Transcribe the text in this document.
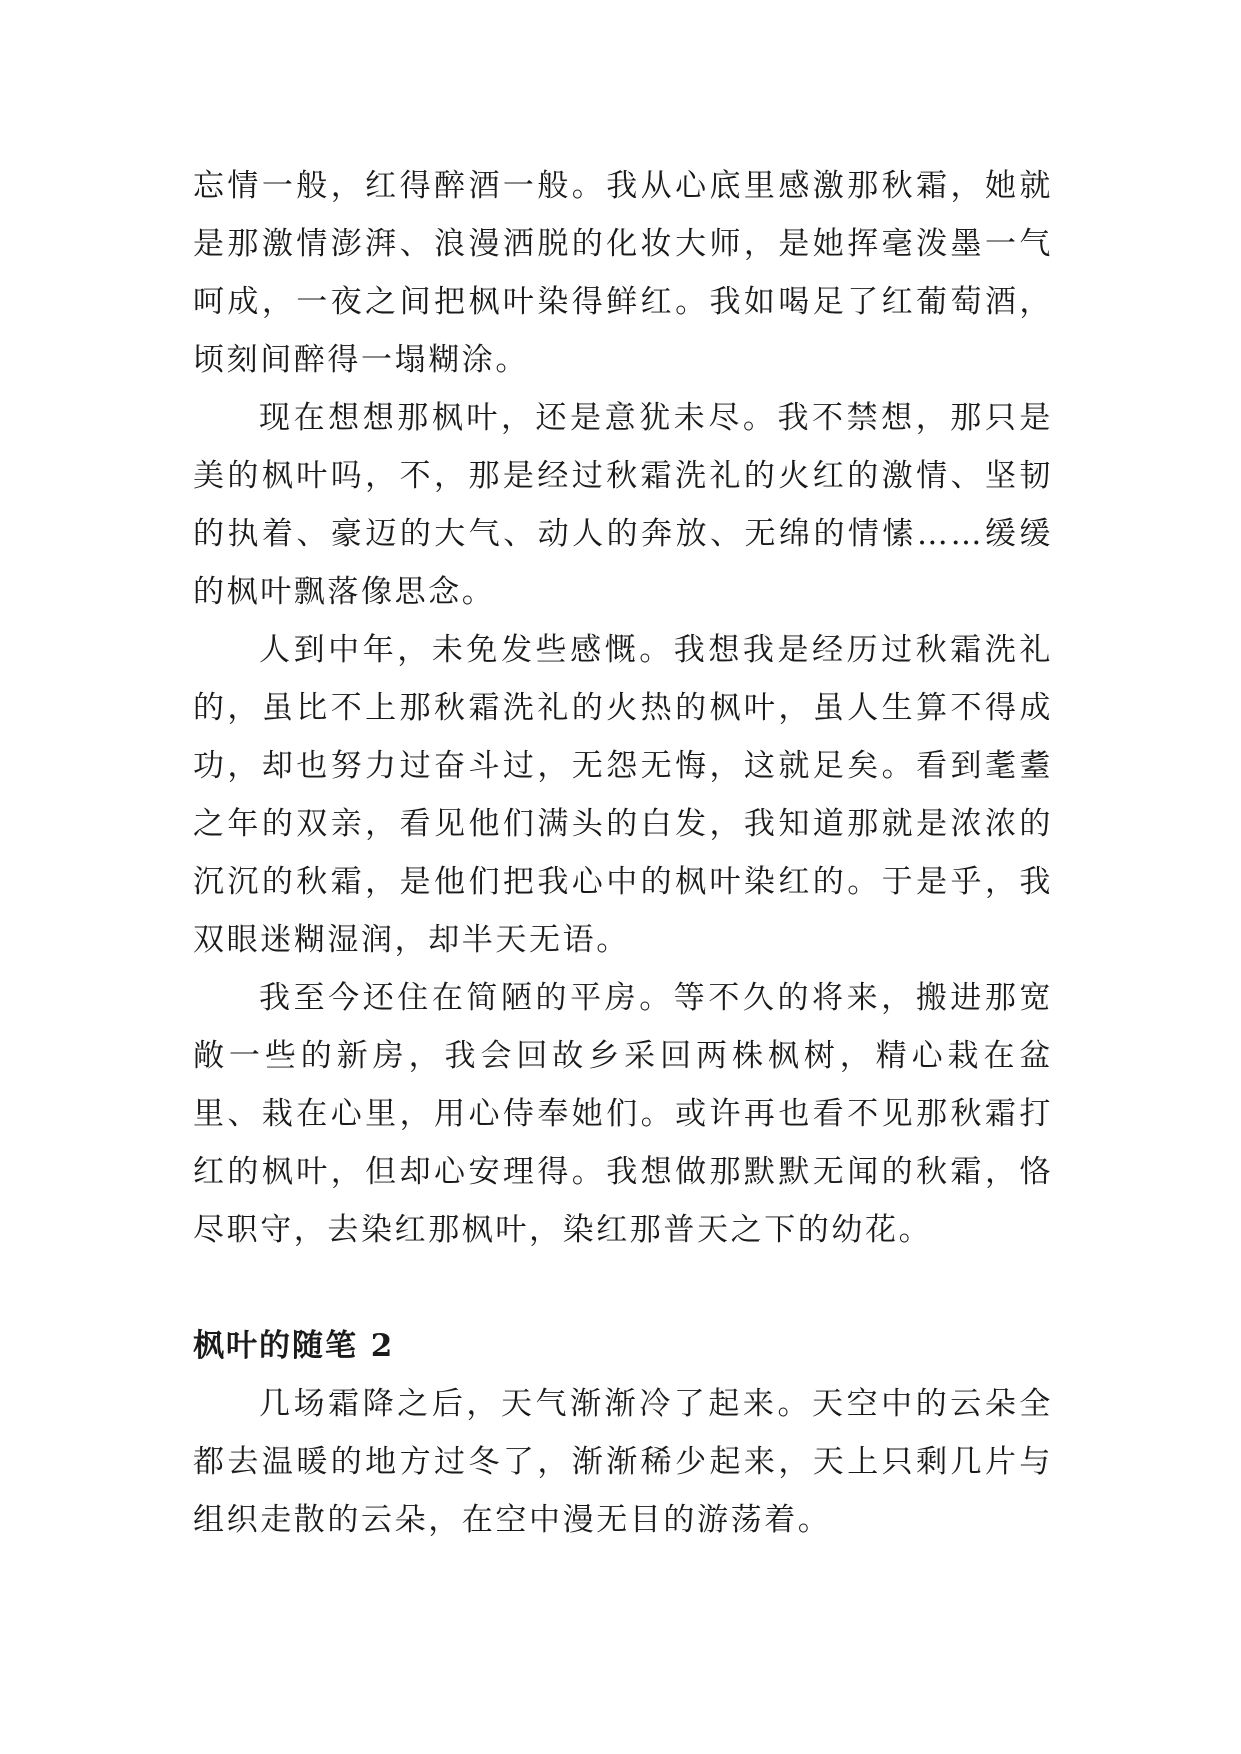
忘情一般，红得醉酒一般。我从心底里感激那秋霜，她就是那激情澎湃、浪漫洒脱的化妆大师，是她挥毫泼墨一气呵成，一夜之间把枫叶染得鲜红。我如喝足了红葡萄酒，顷刻间醉得一塌糊涂。

现在想想那枫叶，还是意犹未尽。我不禁想，那只是美的枫叶吗，不，那是经过秋霜洗礼的火红的激情、坚韧的执着、豪迈的大气、动人的奔放、无绵的情愫……缓缓的枫叶飘落像思念。

人到中年，未免发些感慨。我想我是经历过秋霜洗礼的，虽比不上那秋霜洗礼的火热的枫叶，虽人生算不得成功，却也努力过奋斗过，无怨无悔，这就足矣。看到耄耋之年的双亲，看见他们满头的白发，我知道那就是浓浓的沉沉的秋霜，是他们把我心中的枫叶染红的。于是乎，我双眼迷糊湿润，却半天无语。

我至今还住在简陋的平房。等不久的将来，搬进那宽敞一些的新房，我会回故乡采回两株枫树，精心栽在盆里、栽在心里，用心侍奉她们。或许再也看不见那秋霜打红的枫叶，但却心安理得。我想做那默默无闻的秋霜，恪尽职守，去染红那枫叶，染红那普天之下的幼花。

枫叶的随笔 2

几场霜降之后，天气渐渐冷了起来。天空中的云朵全都去温暖的地方过冬了，渐渐稀少起来，天上只剩几片与组织走散的云朵，在空中漫无目的游荡着。
